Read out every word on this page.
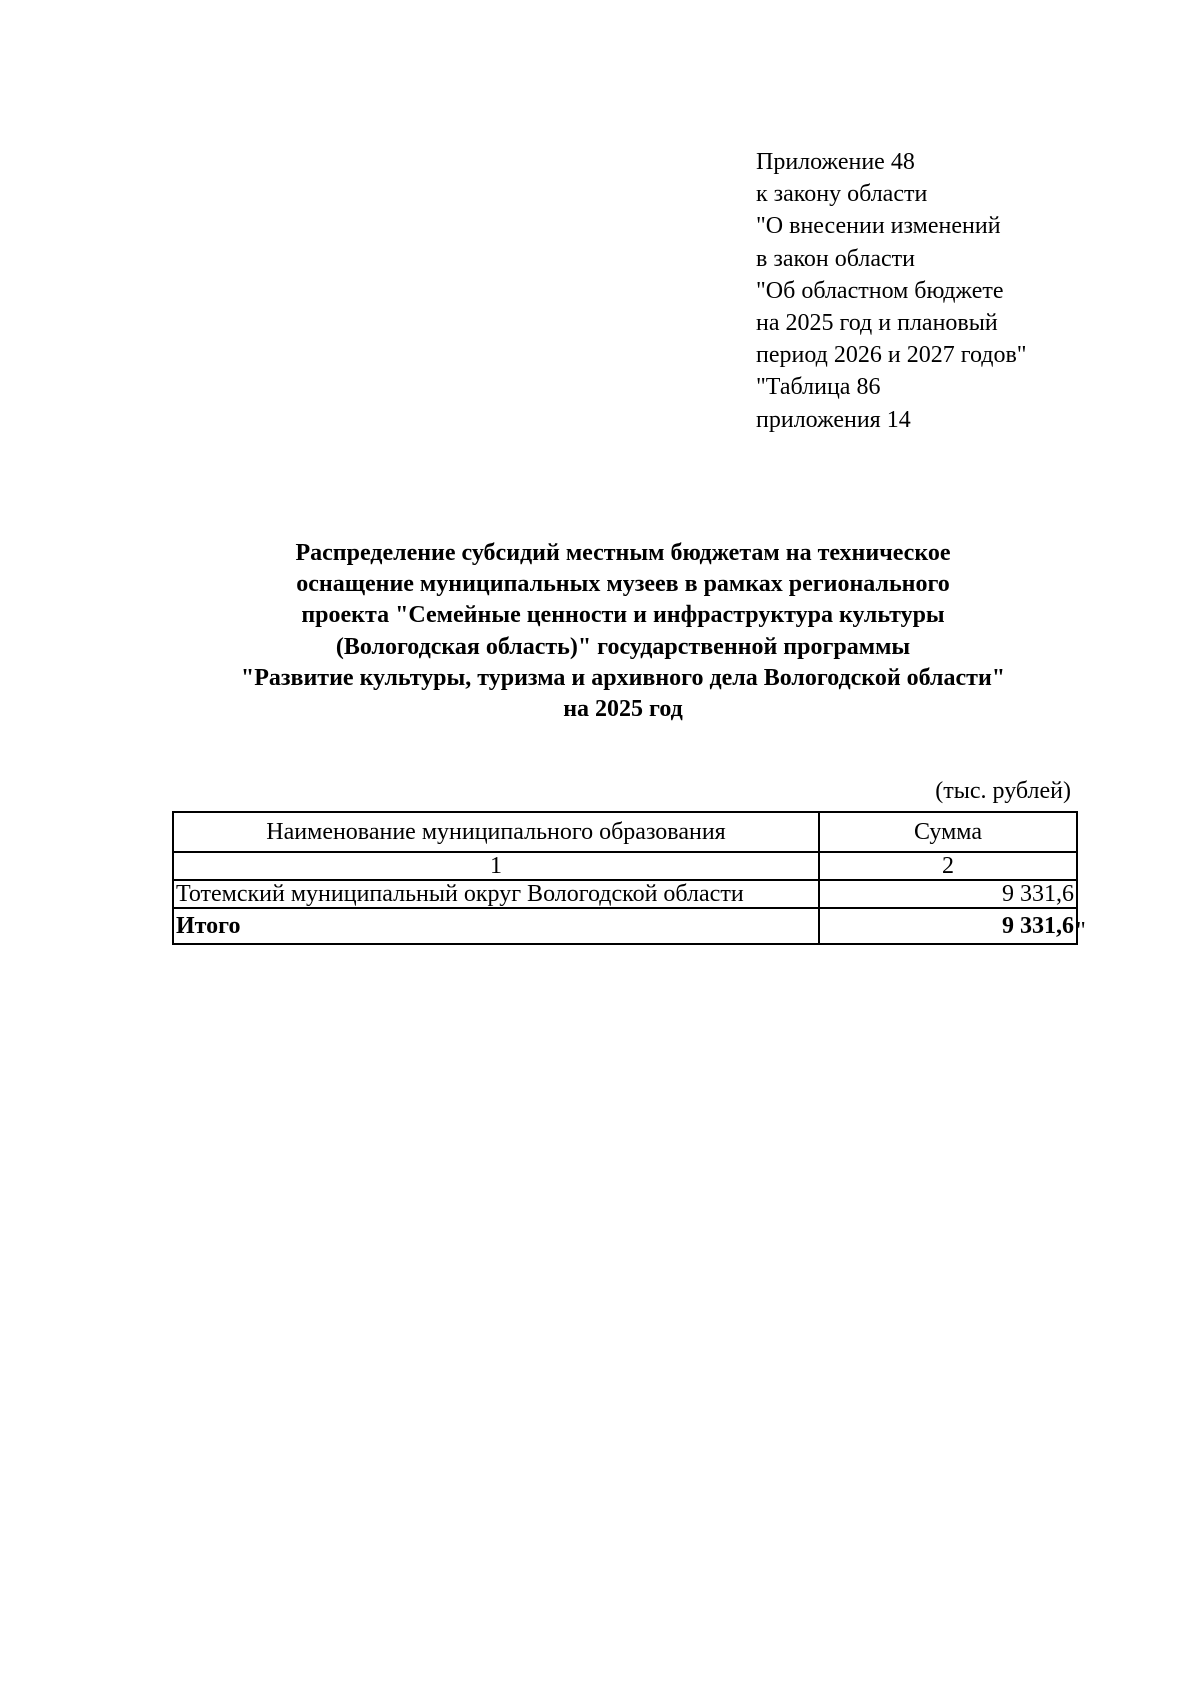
Приложение 48
к закону области
"О внесении изменений
в закон области
"Об областном бюджете
на 2025 год и плановый
период 2026 и 2027 годов"
"Таблица 86
приложения 14
Распределение субсидий местным бюджетам на техническое
оснащение муниципальных музеев в рамках регионального
проекта "Семейные ценности и инфраструктура культуры
(Вологодская область)" государственной программы
"Развитие культуры, туризма и архивного дела Вологодской области"
на 2025 год
(тыс. рублей)
Наименование муниципального образования	Сумма
1	2
Тотемский муниципальный округ Вологодской области	9 331,6
Итого	9 331,6 "
